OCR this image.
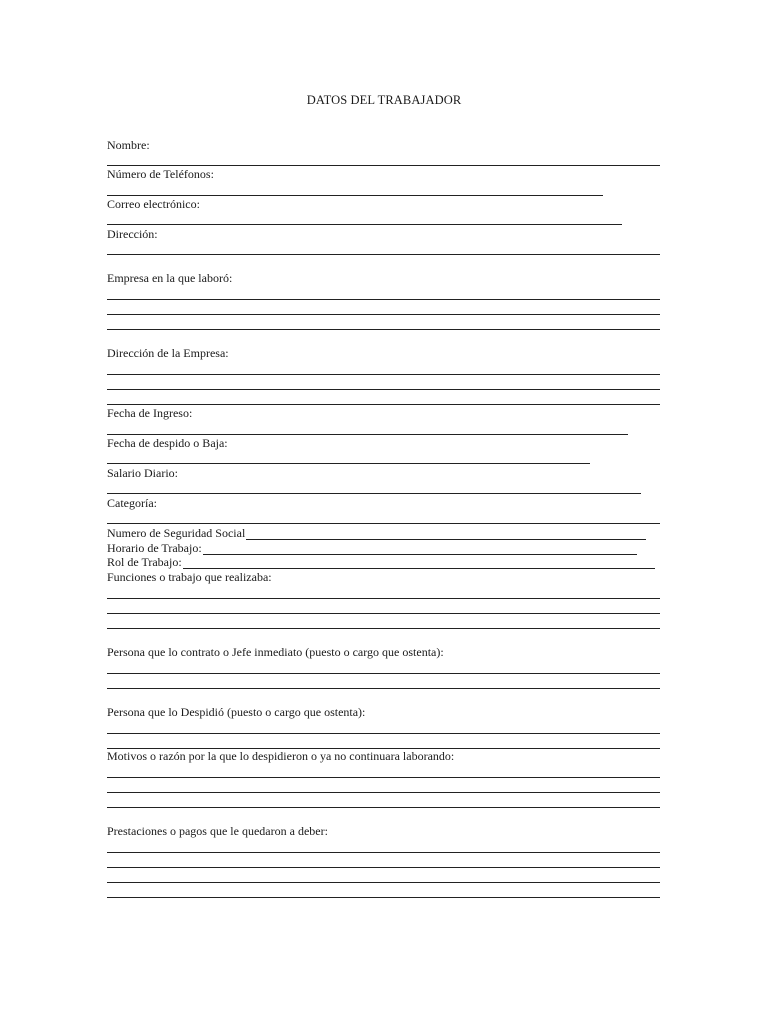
DATOS DEL TRABAJADOR
Nombre:
Número de Teléfonos:
Correo electrónico:
Dirección:
Empresa en la que laboró:
Dirección de la Empresa:
Fecha de Ingreso:
Fecha de despido o Baja:
Salario Diario:
Categoría:
Numero de Seguridad Social
Horario de Trabajo:
Rol de Trabajo:
Funciones o trabajo que realizaba:
Persona que lo contrato o Jefe inmediato (puesto o cargo que ostenta):
Persona que lo Despidió (puesto o cargo que ostenta):
Motivos o razón por la que lo despidieron o ya no continuara laborando:
Prestaciones o pagos que le quedaron a deber:
